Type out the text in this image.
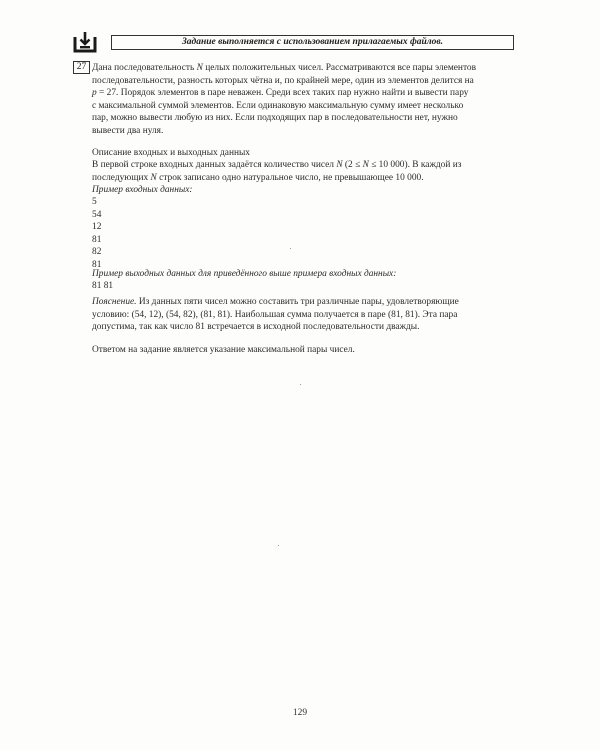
Задание выполняется с использованием прилагаемых файлов.
27 Дана последовательность N целых положительных чисел. Рассматриваются все пары элементов
последовательности, разность которых чётна и, по крайней мере, один из элементов делится на
p = 27. Порядок элементов в паре неважен. Среди всех таких пар нужно найти и вывести пару
с максимальной суммой элементов. Если одинаковую максимальную сумму имеет несколько
пар, можно вывести любую из них. Если подходящих пар в последовательности нет, нужно
вывести два нуля.
Описание входных и выходных данных
В первой строке входных данных задаётся количество чисел N (2 ≤ N ≤ 10 000). В каждой из
последующих N строк записано одно натуральное число, не превышающее 10 000.
Пример входных данных:
5
54
12
81
82
81
Пример выходных данных для приведённого выше примера входных данных:
81 81
Пояснение. Из данных пяти чисел можно составить три различные пары, удовлетворяющие
условию: (54, 12), (54, 82), (81, 81). Наибольшая сумма получается в паре (81, 81). Эта пара
допустима, так как число 81 встречается в исходной последовательности дважды.
Ответом на задание является указание максимальной пары чисел.
129
